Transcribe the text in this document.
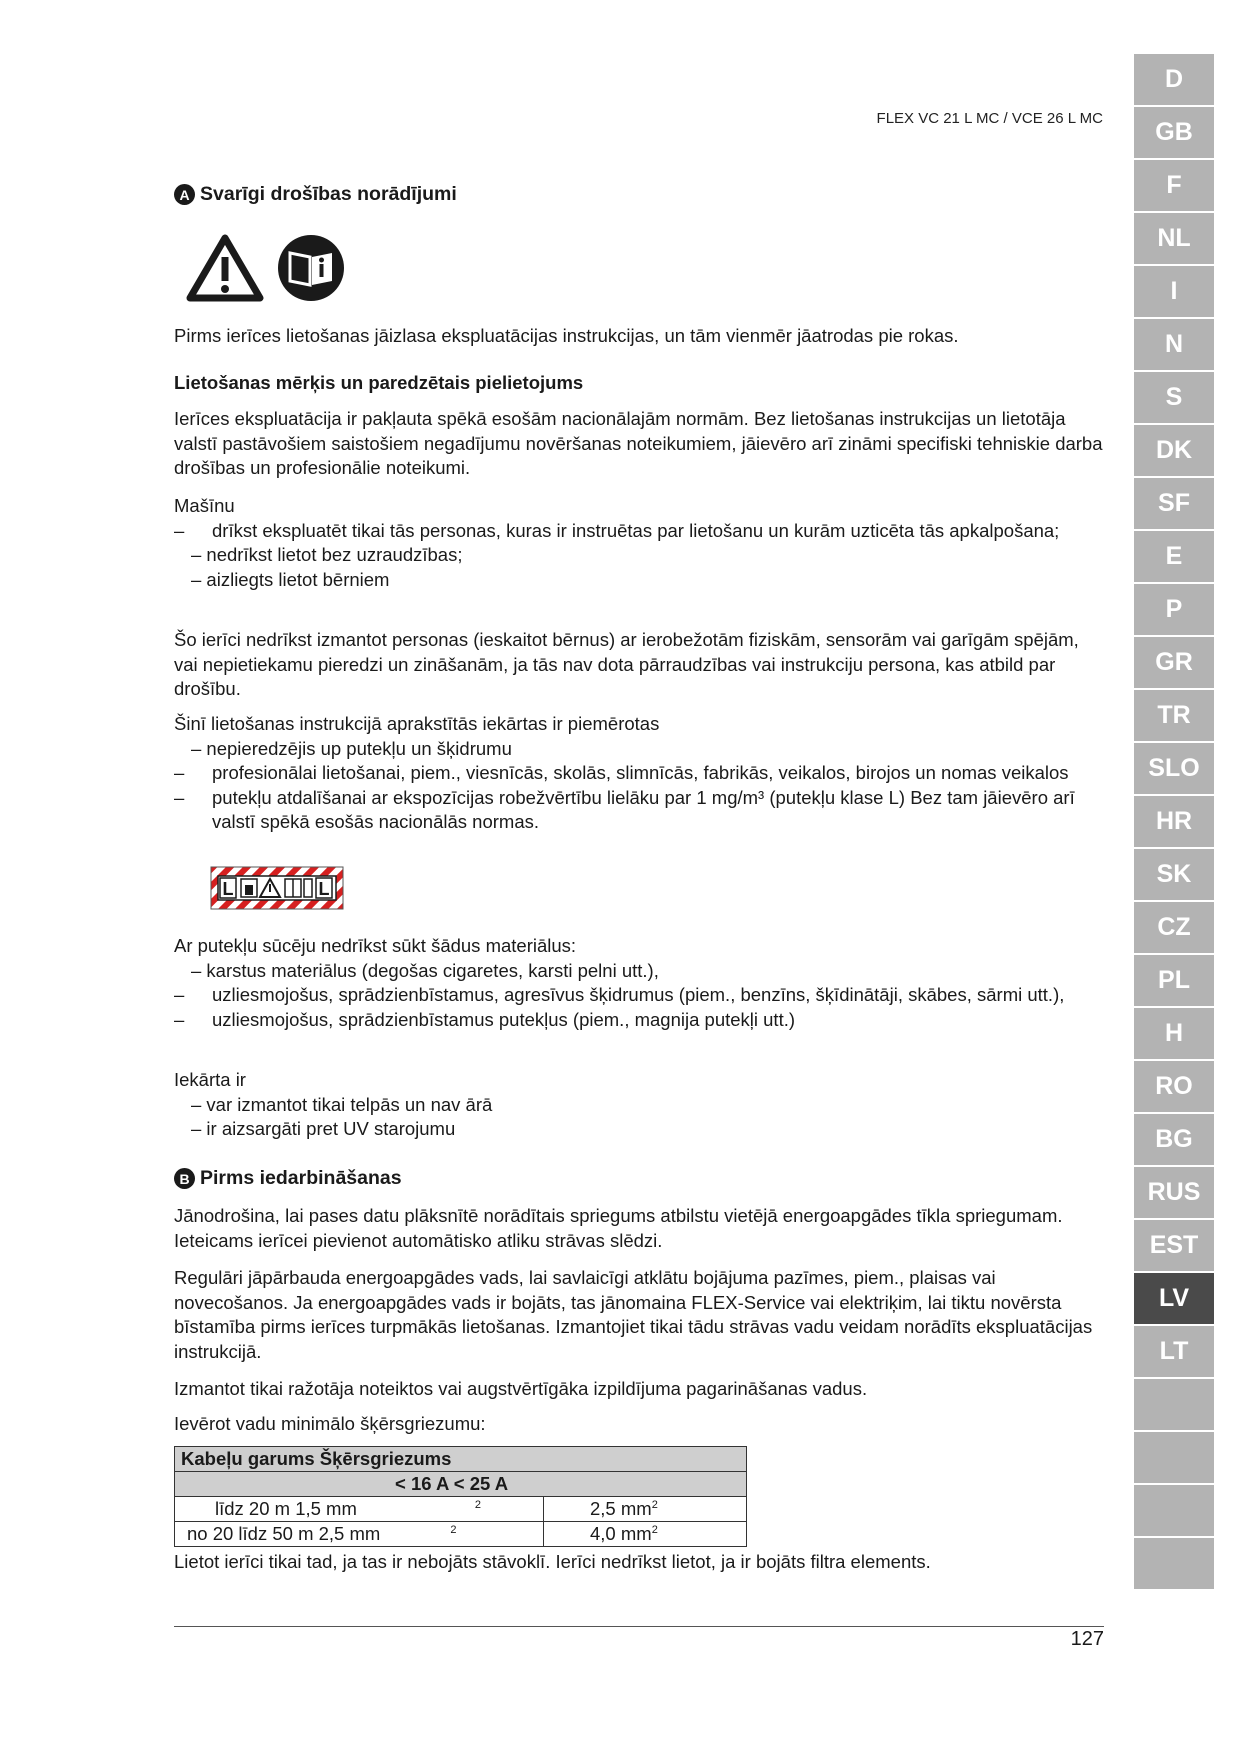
FLEX VC 21 L MC / VCE 26 L MC
A Svarīgi drošības norādījumi
Pirms ierīces lietošanas jāizlasa ekspluatācijas instrukcijas, un tām vienmēr jāatrodas pie rokas.
Lietošanas mērķis un paredzētais pielietojums
Ierīces ekspluatācija ir pakļauta spēkā esošām nacionālajām normām. Bez lietošanas instrukcijas un lietotāja valstī pastāvošiem saistošiem negadījumu novēršanas noteikumiem, jāievēro arī zināmi specifiski tehniskie darba drošības un profesionālie noteikumi.
Mašīnu
–	drīkst ekspluatēt tikai tās personas, kuras ir instruētas par lietošanu un kurām uzticēta tās apkalpošana;
– nedrīkst lietot bez uzraudzības;
– aizliegts lietot bērniem
Šo ierīci nedrīkst izmantot personas (ieskaitot bērnus) ar ierobežotām fiziskām, sensorām vai garīgām spējām, vai nepietiekamu pieredzi un zināšanām, ja tās nav dota pārraudzības vai instrukciju persona, kas atbild par drošību.
Šinī lietošanas instrukcijā aprakstītās iekārtas ir piemērotas
– nepieredzējis up putekļu un šķidrumu
–	profesionālai lietošanai, piem., viesnīcās, skolās, slimnīcās, fabrikās, veikalos, birojos un nomas veikalos
–	putekļu atdalīšanai ar ekspozīcijas robežvērtību lielāku par 1 mg/m³ (putekļu klase L) Bez tam jāievēro arī valstī spēkā esošās nacionālās normas.
L	L
Ar putekļu sūcēju nedrīkst sūkt šādus materiālus:
– karstus materiālus (degošas cigaretes, karsti pelni utt.),
–	uzliesmojošus, sprādzienbīstamus, agresīvus šķidrumus (piem., benzīns, šķīdinātāji, skābes, sārmi utt.),
–	uzliesmojošus, sprādzienbīstamus putekļus (piem., magnija putekļi utt.)
Iekārta ir
– var izmantot tikai telpās un nav ārā
– ir aizsargāti pret UV starojumu
B Pirms iedarbināšanas
Jānodrošina, lai pases datu plāksnītē norādītais spriegums atbilstu vietējā energoapgādes tīkla spriegumam. Ieteicams ierīcei pievienot automātisko atliku strāvas slēdzi.
Regulāri jāpārbauda energoapgādes vads, lai savlaicīgi atklātu bojājuma pazīmes, piem., plaisas vai novecošanos. Ja energoapgādes vads ir bojāts, tas jānomaina FLEX-Service vai elektriķim, lai tiktu novērsta bīstamība pirms ierīces turpmākās lietošanas. Izmantojiet tikai tādu strāvas vadu veidam norādīts ekspluatācijas instrukcijā.
Izmantot tikai ražotāja noteiktos vai augstvērtīgāka izpildījuma pagarināšanas vadus.
Ievērot vadu minimālo šķērsgriezumu:
Kabeļu garums Šķērsgriezums	
< 16 A < 25 A	
līdz 20 m 1,5 mm $^2$	2,5 $mm^2$
no 20 līdz 50 m 2,5 mm $^2$	4,0 $mm^2$
Lietot ierīci tikai tad, ja tas ir nebojāts stāvoklī. Ierīci nedrīkst lietot, ja ir bojāts filtra elements.
127
D
GB
F
NL
I
N
S
DK
SF
E
P
GR
TR
SLO
HR
SK
CZ
PL
H
RO
BG
RUS
EST
LV
LT
